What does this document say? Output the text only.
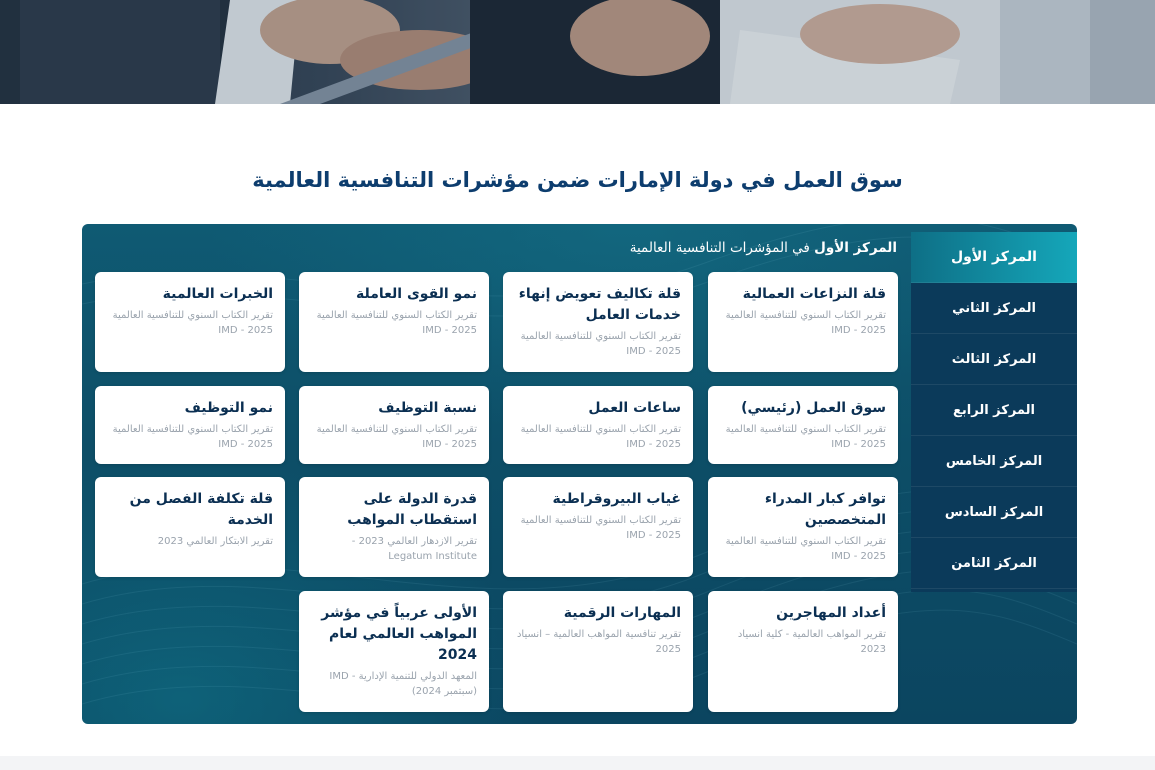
سوق العمل في دولة الإمارات ضمن مؤشرات التنافسية العالمية
المركز الأول في المؤشرات التنافسية العالمية
المركز الأول
المركز الثاني
المركز الثالث
المركز الرابع
المركز الخامس
المركز السادس
المركز الثامن
قلة النزاعات العمالية
تقرير الكتاب السنوي للتنافسية العالمية 2025 - IMD
قلة تكاليف تعويض إنهاء خدمات العامل
تقرير الكتاب السنوي للتنافسية العالمية 2025 - IMD
نمو القوى العاملة
تقرير الكتاب السنوي للتنافسية العالمية 2025 - IMD
الخبرات العالمية
تقرير الكتاب السنوي للتنافسية العالمية 2025 - IMD
سوق العمل (رئيسي)
تقرير الكتاب السنوي للتنافسية العالمية 2025 - IMD
ساعات العمل
تقرير الكتاب السنوي للتنافسية العالمية 2025 - IMD
نسبة التوظيف
تقرير الكتاب السنوي للتنافسية العالمية 2025 - IMD
نمو التوظيف
تقرير الكتاب السنوي للتنافسية العالمية 2025 - IMD
توافر كبار المدراء المتخصصين
تقرير الكتاب السنوي للتنافسية العالمية 2025 - IMD
غياب البيروقراطية
تقرير الكتاب السنوي للتنافسية العالمية 2025 - IMD
قدرة الدولة على استقطاب المواهب
تقرير الازدهار العالمي 2023 - Legatum Institute
قلة تكلفة الفصل من الخدمة
تقرير الابتكار العالمي 2023
أعداد المهاجرين
تقرير المواهب العالمية - كلية انسياد 2023
المهارات الرقمية
تقرير تنافسية المواهب العالمية – انسياد 2025
الأولى عربياً في مؤشر المواهب العالمي لعام 2024
المعهد الدولي للتنمية الإدارية - IMD (سبتمبر 2024)
